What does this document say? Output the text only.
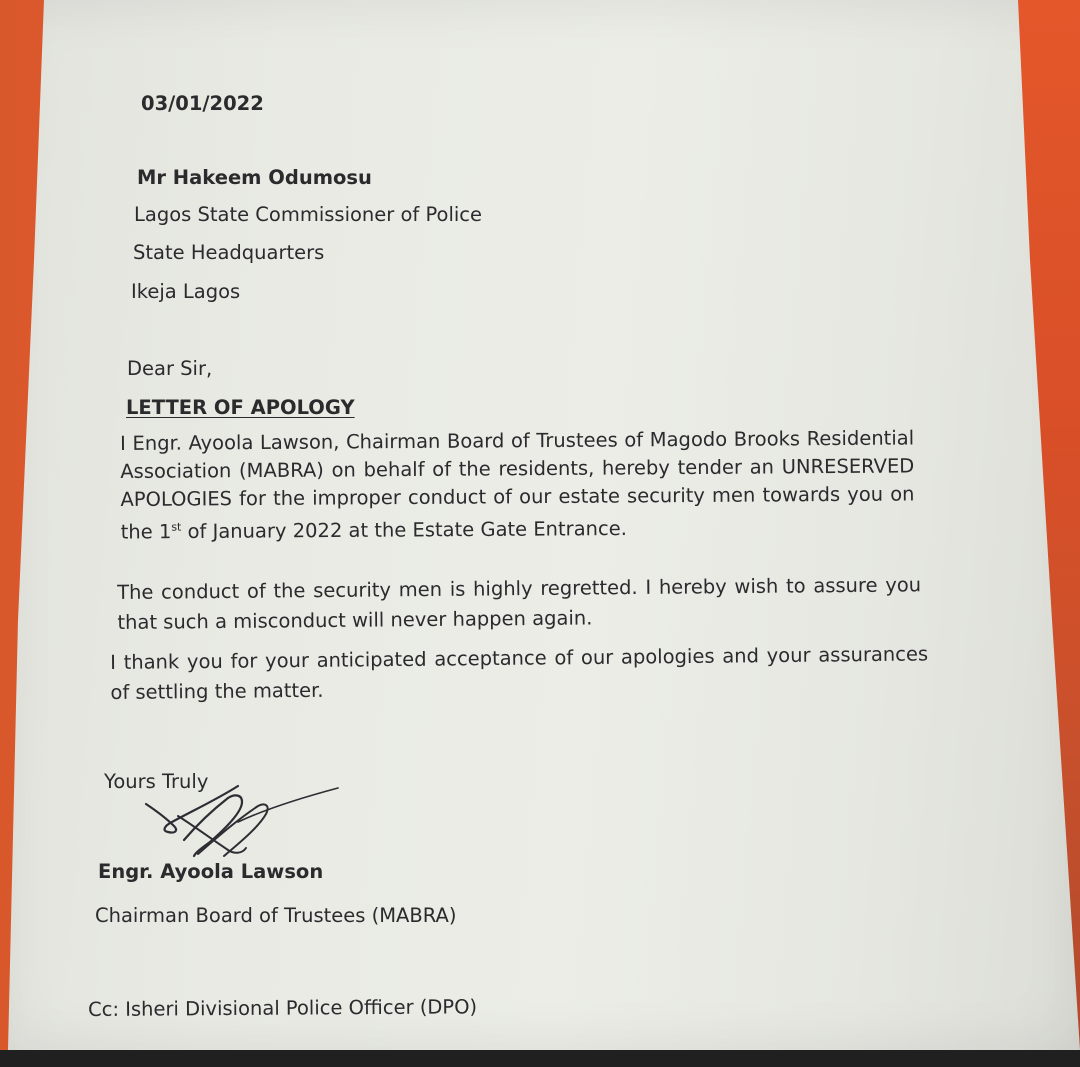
03/01/2022

Mr Hakeem Odumosu

Lagos State Commissioner of Police

State Headquarters

Ikeja Lagos

Dear Sir,

LETTER OF APOLOGY

I Engr. Ayoola Lawson, Chairman Board of Trustees of Magodo Brooks Residential Association (MABRA) on behalf of the residents, hereby tender an UNRESERVED APOLOGIES for the improper conduct of our estate security men towards you on the 1st of January 2022 at the Estate Gate Entrance.

The conduct of the security men is highly regretted. I hereby wish to assure you that such a misconduct will never happen again.

I thank you for your anticipated acceptance of our apologies and your assurances of settling the matter.

Yours Truly

Engr. Ayoola Lawson

Chairman Board of Trustees (MABRA)

Cc: Isheri Divisional Police Officer (DPO)
